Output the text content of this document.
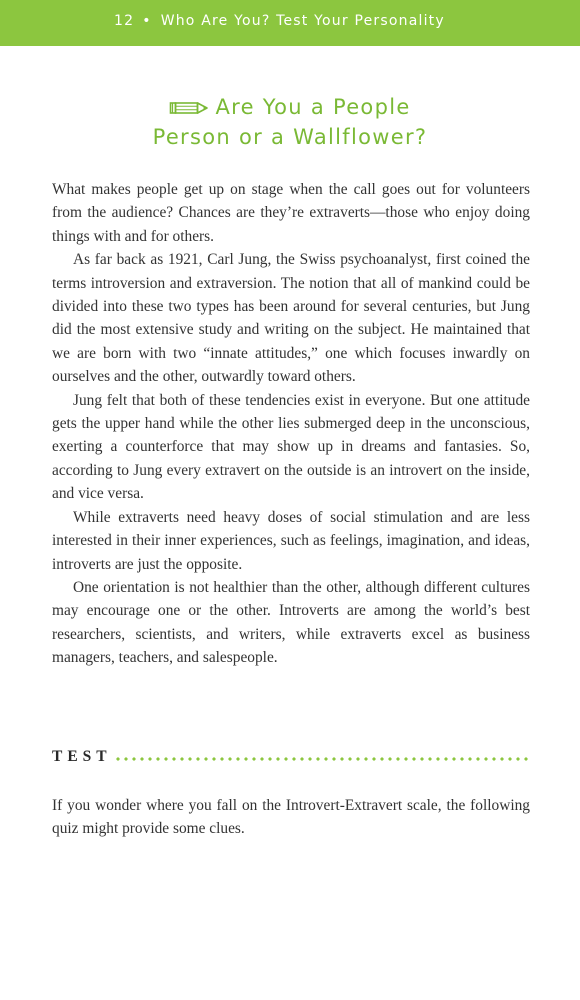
12 • Who Are You? Test Your Personality
Are You a People
Person or a Wallflower?

What makes people get up on stage when the call goes out for volunteers from the audience? Chances are they’re extraverts—those who enjoy doing things with and for others.

As far back as 1921, Carl Jung, the Swiss psychoanalyst, first coined the terms introversion and extraversion. The notion that all of mankind could be divided into these two types has been around for several centuries, but Jung did the most extensive study and writing on the subject. He maintained that we are born with two “innate attitudes,” one which focuses inwardly on ourselves and the other, outwardly toward others.

Jung felt that both of these tendencies exist in everyone. But one attitude gets the upper hand while the other lies submerged deep in the unconscious, exerting a counterforce that may show up in dreams and fantasies. So, according to Jung every extravert on the outside is an introvert on the inside, and vice versa.

While extraverts need heavy doses of social stimulation and are less interested in their inner experiences, such as feelings, imagination, and ideas, introverts are just the opposite.

One orientation is not healthier than the other, although different cultures may encourage one or the other. Introverts are among the world’s best researchers, scientists, and writers, while extraverts excel as business managers, teachers, and salespeople.

TEST

If you wonder where you fall on the Introvert-Extravert scale, the following quiz might provide some clues.
